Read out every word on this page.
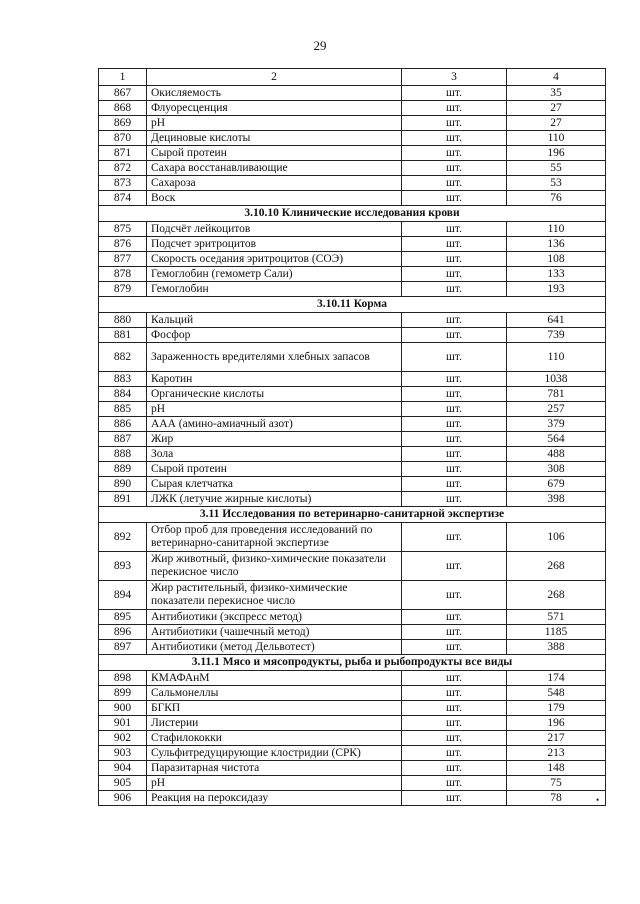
29
1	2	3	4
867	Окисляемость	шт.	35
868	Флуоресценция	шт.	27
869	pH	шт.	27
870	Дециновые кислоты	шт.	110
871	Сырой протеин	шт.	196
872	Сахара восстанавливающие	шт.	55
873	Сахароза	шт.	53
874	Воск	шт.	76
3.10.10 Клинические исследования крови			
875	Подсчёт лейкоцитов	шт.	110
876	Подсчет эритроцитов	шт.	136
877	Скорость оседания эритроцитов (СОЭ)	шт.	108
878	Гемоглобин (гемометр Сали)	шт.	133
879	Гемоглобин	шт.	193
3.10.11 Корма			
880	Кальций	шт.	641
881	Фосфор	шт.	739
882	Зараженность вредителями хлебных запасов	шт.	110
883	Каротин	шт.	1038
884	Органические кислоты	шт.	781
885	pH	шт.	257
886	ААА (амино-амиачный азот)	шт.	379
887	Жир	шт.	564
888	Зола	шт.	488
889	Сырой протеин	шт.	308
890	Сырая клетчатка	шт.	679
891	ЛЖК (летучие жирные кислоты)	шт.	398
3.11 Исследования по ветеринарно-санитарной экспертизе			
892	Отбор проб для проведения исследований по ветеринарно-санитарной экспертизе	шт.	106
893	Жир животный, физико-химические показатели перекисное число	шт.	268
894	Жир растительный, физико-химические показатели перекисное число	шт.	268
895	Антибиотики (экспресс метод)	шт.	571
896	Антибиотики (чашечный метод)	шт.	1185
897	Антибиотики (метод Дельвотест)	шт.	388
3.11.1 Мясо и мясопродукты, рыба и рыбопродукты все виды			
898	КМАФАнМ	шт.	174
899	Сальмонеллы	шт.	548
900	БГКП	шт.	179
901	Листерии	шт.	196
902	Стафилококки	шт.	217
903	Сульфитредуцирующие клостридии (СРК)	шт.	213
904	Паразитарная чистота	шт.	148
905	pH	шт.	75
906	Реакция на пероксидазу	шт.	78	•
